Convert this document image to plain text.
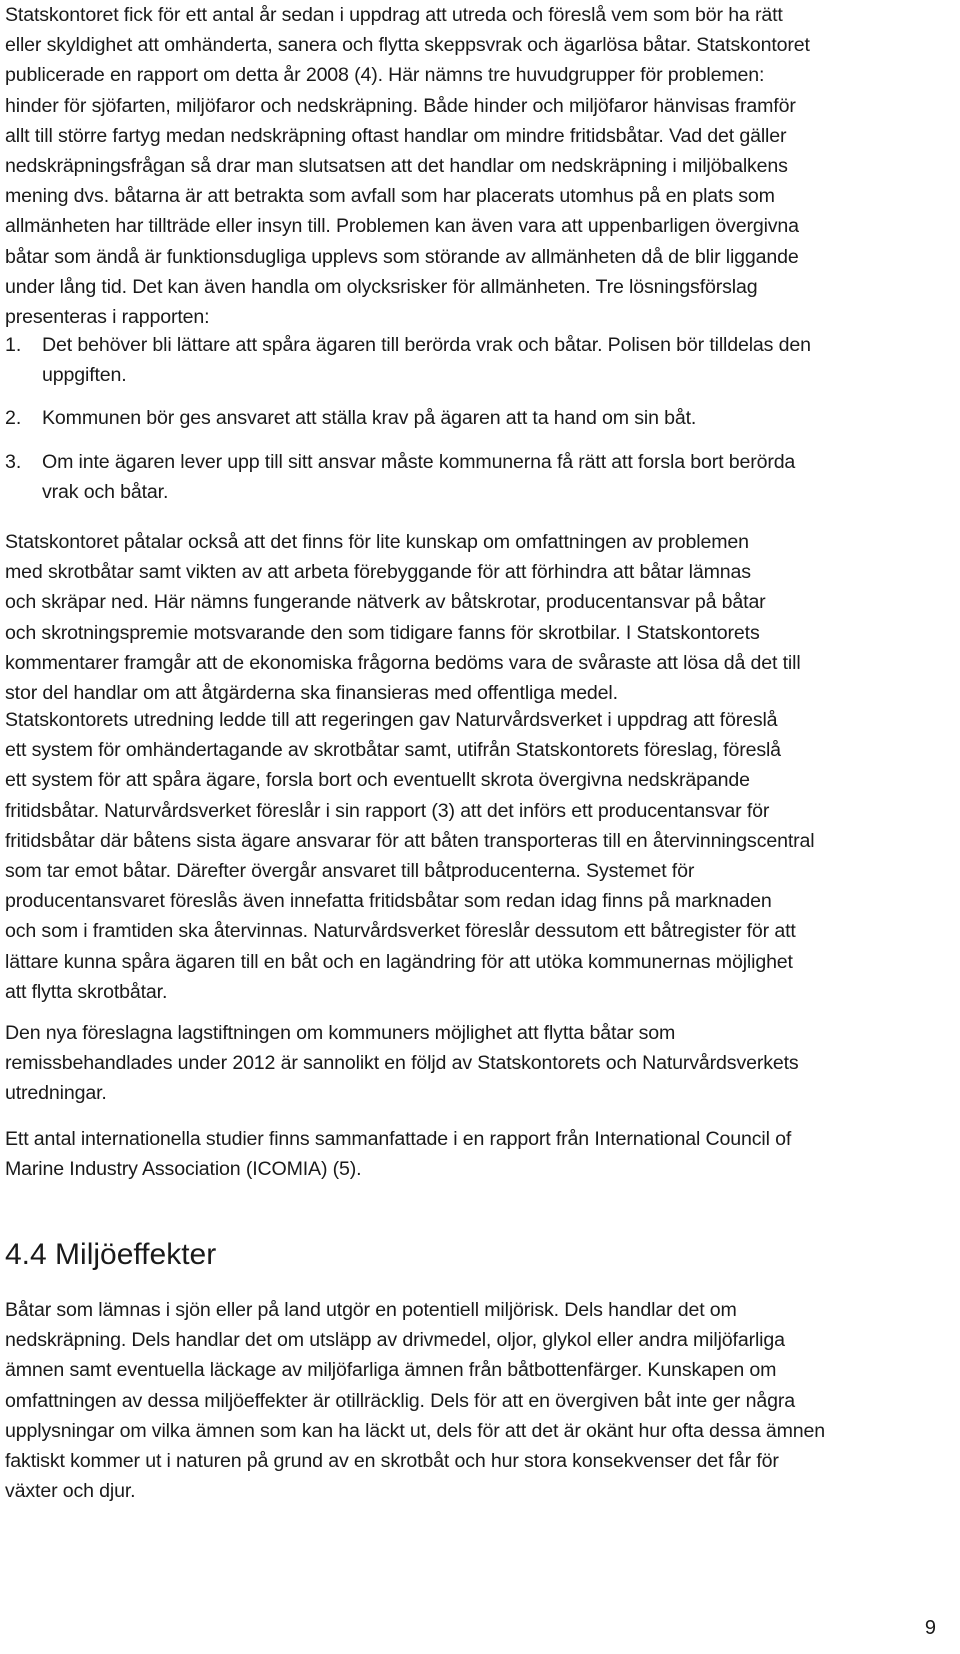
Statskontoret fick för ett antal år sedan i uppdrag att utreda och föreslå vem som bör ha rätt
eller skyldighet att omhänderta, sanera och flytta skeppsvrak och ägarlösa båtar. Statskontoret
publicerade en rapport om detta år 2008 (4). Här nämns tre huvudgrupper för problemen:
hinder för sjöfarten, miljöfaror och nedskräpning. Både hinder och miljöfaror hänvisas framför
allt till större fartyg medan nedskräpning oftast handlar om mindre fritidsbåtar. Vad det gäller
nedskräpningsfrågan så drar man slutsatsen att det handlar om nedskräpning i miljöbalkens
mening dvs. båtarna är att betrakta som avfall som har placerats utomhus på en plats som
allmänheten har tillträde eller insyn till. Problemen kan även vara att uppenbarligen övergivna
båtar som ändå är funktionsdugliga upplevs som störande av allmänheten då de blir liggande
under lång tid. Det kan även handla om olycksrisker för allmänheten. Tre lösningsförslag
presenteras i rapporten:
1.	Det behöver bli lättare att spåra ägaren till berörda vrak och båtar. Polisen bör tilldelas den
uppgiften.
2.	Kommunen bör ges ansvaret att ställa krav på ägaren att ta hand om sin båt.
3.	Om inte ägaren lever upp till sitt ansvar måste kommunerna få rätt att forsla bort berörda
vrak och båtar.
Statskontoret påtalar också att det finns för lite kunskap om omfattningen av problemen
med skrotbåtar samt vikten av att arbeta förebyggande för att förhindra att båtar lämnas
och skräpar ned. Här nämns fungerande nätverk av båtskrotar, producentansvar på båtar
och skrotningspremie motsvarande den som tidigare fanns för skrotbilar. I Statskontorets
kommentarer framgår att de ekonomiska frågorna bedöms vara de svåraste att lösa då det till
stor del handlar om att åtgärderna ska finansieras med offentliga medel.
Statskontorets utredning ledde till att regeringen gav Naturvårdsverket i uppdrag att föreslå
ett system för omhändertagande av skrotbåtar samt, utifrån Statskontorets föreslag, föreslå
ett system för att spåra ägare, forsla bort och eventuellt skrota övergivna nedskräpande
fritidsbåtar. Naturvårdsverket föreslår i sin rapport (3) att det införs ett producentansvar för
fritidsbåtar där båtens sista ägare ansvarar för att båten transporteras till en återvinningscentral
som tar emot båtar. Därefter övergår ansvaret till båtproducenterna. Systemet för
producentansvaret föreslås även innefatta fritidsbåtar som redan idag finns på marknaden
och som i framtiden ska återvinnas. Naturvårdsverket föreslår dessutom ett båtregister för att
lättare kunna spåra ägaren till en båt och en lagändring för att utöka kommunernas möjlighet
att flytta skrotbåtar.
Den nya föreslagna lagstiftningen om kommuners möjlighet att flytta båtar som
remissbehandlades under 2012 är sannolikt en följd av Statskontorets och Naturvårdsverkets
utredningar.
Ett antal internationella studier finns sammanfattade i en rapport från International Council of
Marine Industry Association (ICOMIA) (5).
4.4 Miljöeffekter
Båtar som lämnas i sjön eller på land utgör en potentiell miljörisk. Dels handlar det om
nedskräpning. Dels handlar det om utsläpp av drivmedel, oljor, glykol eller andra miljöfarliga
ämnen samt eventuella läckage av miljöfarliga ämnen från båtbottenfärger. Kunskapen om
omfattningen av dessa miljöeffekter är otillräcklig. Dels för att en övergiven båt inte ger några
upplysningar om vilka ämnen som kan ha läckt ut, dels för att det är okänt hur ofta dessa ämnen
faktiskt kommer ut i naturen på grund av en skrotbåt och hur stora konsekvenser det får för
växter och djur.
9
